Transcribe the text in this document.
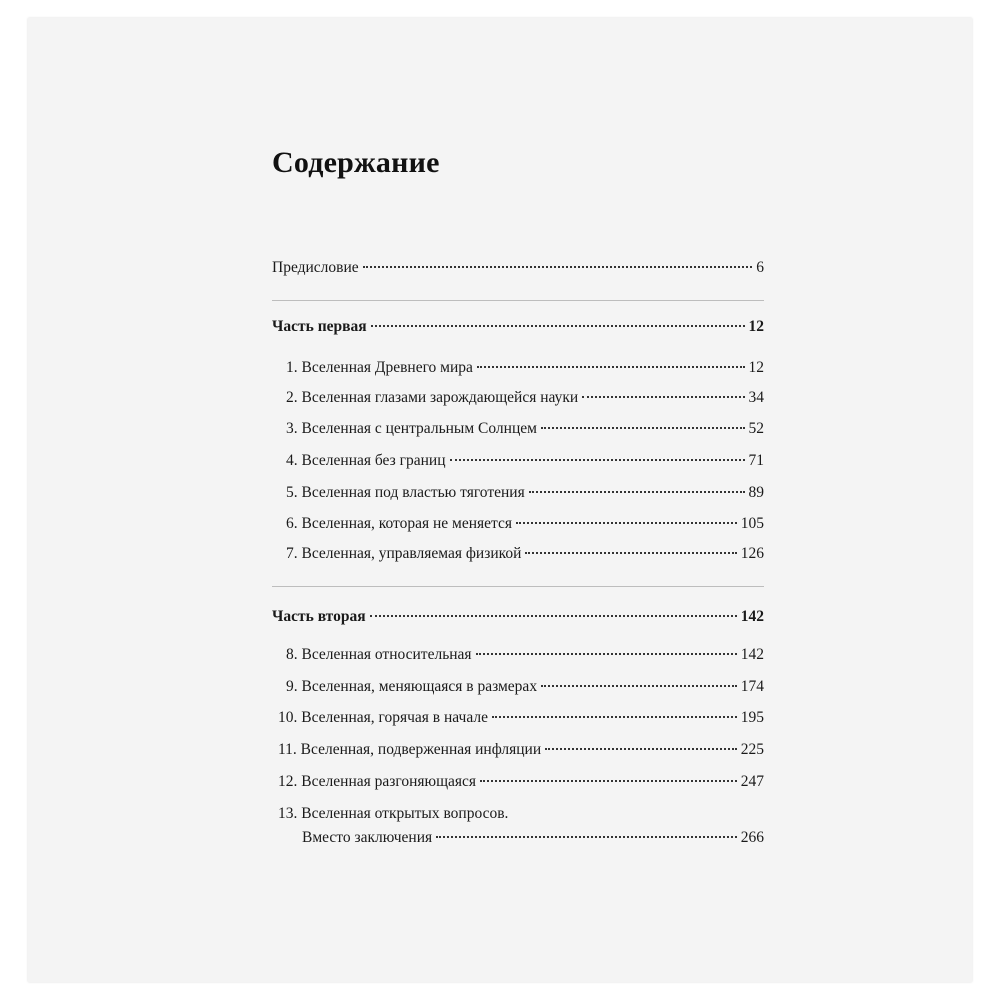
Содержание
Предисловие	6
Часть первая	12
1. Вселенная Древнего мира	12
2. Вселенная глазами зарождающейся науки	34
3. Вселенная с центральным Солнцем	52
4. Вселенная без границ	71
5. Вселенная под властью тяготения	89
6. Вселенная, которая не меняется	105
7. Вселенная, управляемая физикой	126
Часть вторая	142
8. Вселенная относительная	142
9. Вселенная, меняющаяся в размерах	174
10. Вселенная, горячая в начале	195
11. Вселенная, подверженная инфляции	225
12. Вселенная разгоняющаяся	247
13. Вселенная открытых вопросов.
Вместо заключения	266
